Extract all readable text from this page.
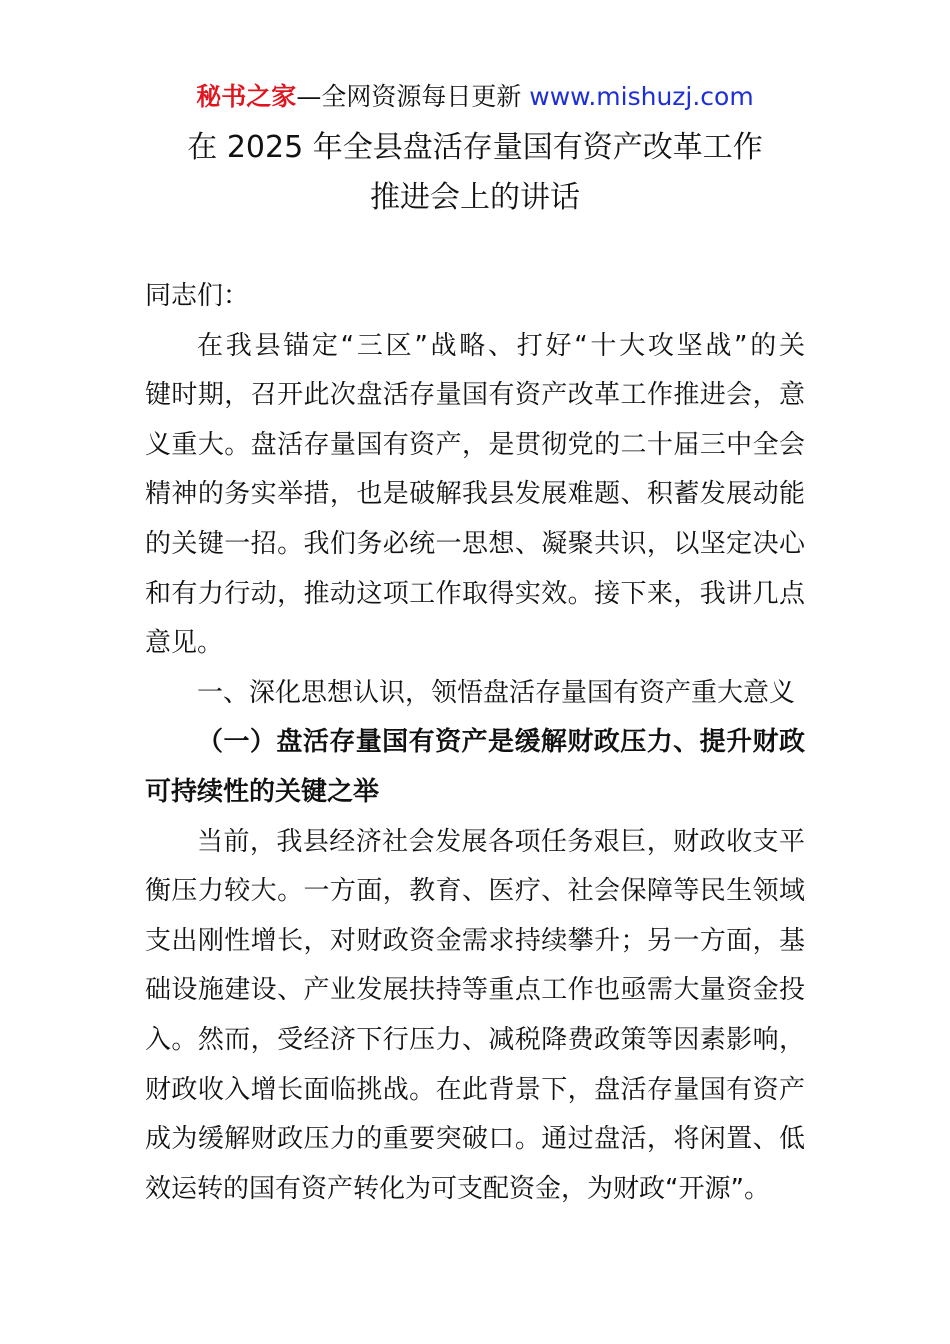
秘书之家—全网资源每日更新 www.mishuzj.com
在 2025 年全县盘活存量国有资产改革工作
推进会上的讲话

同志们：

在我县锚定“三区”战略、打好“十大攻坚战”的关
键时期，召开此次盘活存量国有资产改革工作推进会，意
义重大。盘活存量国有资产，是贯彻党的二十届三中全会
精神的务实举措，也是破解我县发展难题、积蓄发展动能
的关键一招。我们务必统一思想、凝聚共识，以坚定决心
和有力行动，推动这项工作取得实效。接下来，我讲几点
意见。

一、深化思想认识，领悟盘活存量国有资产重大意义

（一）盘活存量国有资产是缓解财政压力、提升财政
可持续性的关键之举

当前，我县经济社会发展各项任务艰巨，财政收支平
衡压力较大。一方面，教育、医疗、社会保障等民生领域
支出刚性增长，对财政资金需求持续攀升；另一方面，基
础设施建设、产业发展扶持等重点工作也亟需大量资金投
入。然而，受经济下行压力、减税降费政策等因素影响，
财政收入增长面临挑战。在此背景下，盘活存量国有资产
成为缓解财政压力的重要突破口。通过盘活，将闲置、低
效运转的国有资产转化为可支配资金，为财政“开源”。
